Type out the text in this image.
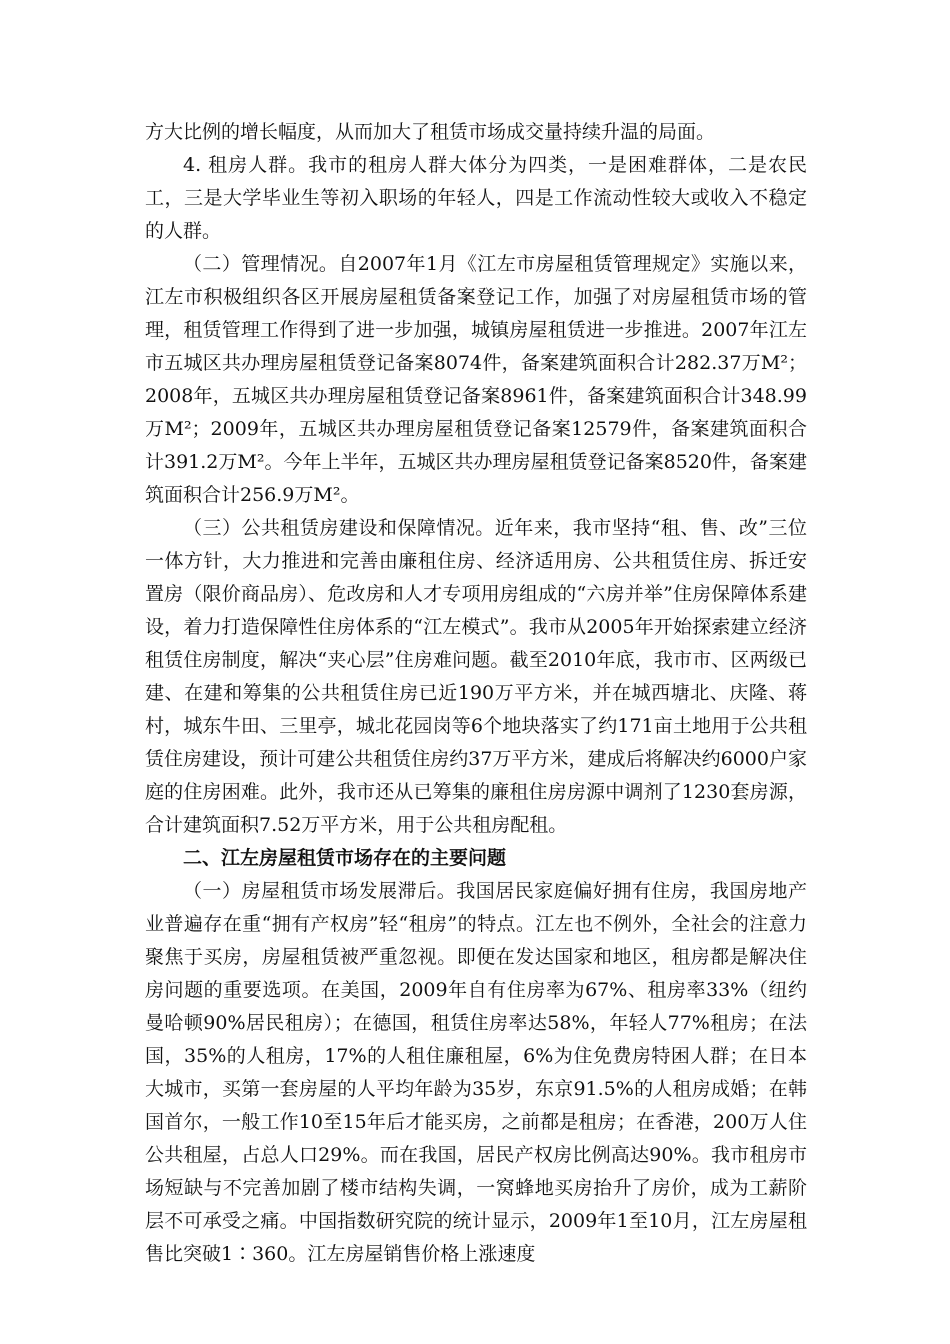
方大比例的增长幅度，从而加大了租赁市场成交量持续升温的局面。

4. 租房人群。我市的租房人群大体分为四类，一是困难群体，二是农民工，三是大学毕业生等初入职场的年轻人，四是工作流动性较大或收入不稳定的人群。

（二）管理情况。自2007年1月《江左市房屋租赁管理规定》实施以来，江左市积极组织各区开展房屋租赁备案登记工作，加强了对房屋租赁市场的管理，租赁管理工作得到了进一步加强，城镇房屋租赁进一步推进。2007年江左市五城区共办理房屋租赁登记备案8074件，备案建筑面积合计282.37万M²；2008年，五城区共办理房屋租赁登记备案8961件，备案建筑面积合计348.99万M²；2009年，五城区共办理房屋租赁登记备案12579件，备案建筑面积合计391.2万M²。今年上半年，五城区共办理房屋租赁登记备案8520件，备案建筑面积合计256.9万M²。

（三）公共租赁房建设和保障情况。近年来，我市坚持“租、售、改”三位一体方针，大力推进和完善由廉租住房、经济适用房、公共租赁住房、拆迁安置房（限价商品房）、危改房和人才专项用房组成的“六房并举”住房保障体系建设，着力打造保障性住房体系的“江左模式”。我市从2005年开始探索建立经济租赁住房制度，解决“夹心层”住房难问题。截至2010年底，我市市、区两级已建、在建和筹集的公共租赁住房已近190万平方米，并在城西塘北、庆隆、蒋村，城东牛田、三里亭，城北花园岗等6个地块落实了约171亩土地用于公共租赁住房建设，预计可建公共租赁住房约37万平方米，建成后将解决约6000户家庭的住房困难。此外，我市还从已筹集的廉租住房房源中调剂了1230套房源，合计建筑面积7.52万平方米，用于公共租房配租。

二、江左房屋租赁市场存在的主要问题

（一）房屋租赁市场发展滞后。我国居民家庭偏好拥有住房，我国房地产业普遍存在重“拥有产权房”轻“租房”的特点。江左也不例外，全社会的注意力聚焦于买房，房屋租赁被严重忽视。即便在发达国家和地区，租房都是解决住房问题的重要选项。在美国，2009年自有住房率为67%、租房率33%（纽约曼哈顿90%居民租房）；在德国，租赁住房率达58%，年轻人77%租房；在法国，35%的人租房，17%的人租住廉租屋，6%为住免费房特困人群；在日本大城市，买第一套房屋的人平均年龄为35岁，东京91.5%的人租房成婚；在韩国首尔，一般工作10至15年后才能买房，之前都是租房；在香港，200万人住公共租屋，占总人口29%。而在我国，居民产权房比例高达90%。我市租房市场短缺与不完善加剧了楼市结构失调，一窝蜂地买房抬升了房价，成为工薪阶层不可承受之痛。中国指数研究院的统计显示，2009年1至10月，江左房屋租售比突破1∶360。江左房屋销售价格上涨速度
